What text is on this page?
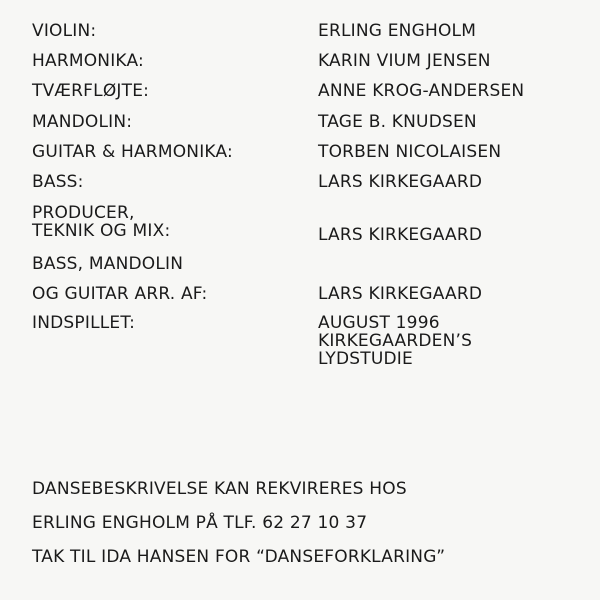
VIOLIN:	ERLING ENGHOLM
HARMONIKA:	KARIN VIUM JENSEN
TVÆRFLØJTE:	ANNE KROG-ANDERSEN
MANDOLIN:	TAGE B. KNUDSEN
GUITAR & HARMONIKA:	TORBEN NICOLAISEN
BASS:	LARS KIRKEGAARD
PRODUCER,
TEKNIK OG MIX:	LARS KIRKEGAARD
BASS, MANDOLIN
OG GUITAR ARR. AF:	LARS KIRKEGAARD
INDSPILLET:	AUGUST 1996
KIRKEGAARDEN’S
LYDSTUDIE
DANSEBESKRIVELSE KAN REKVIRERES HOS
ERLING ENGHOLM PÅ TLF. 62 27 10 37
TAK TIL IDA HANSEN FOR “DANSEFORKLARING”
